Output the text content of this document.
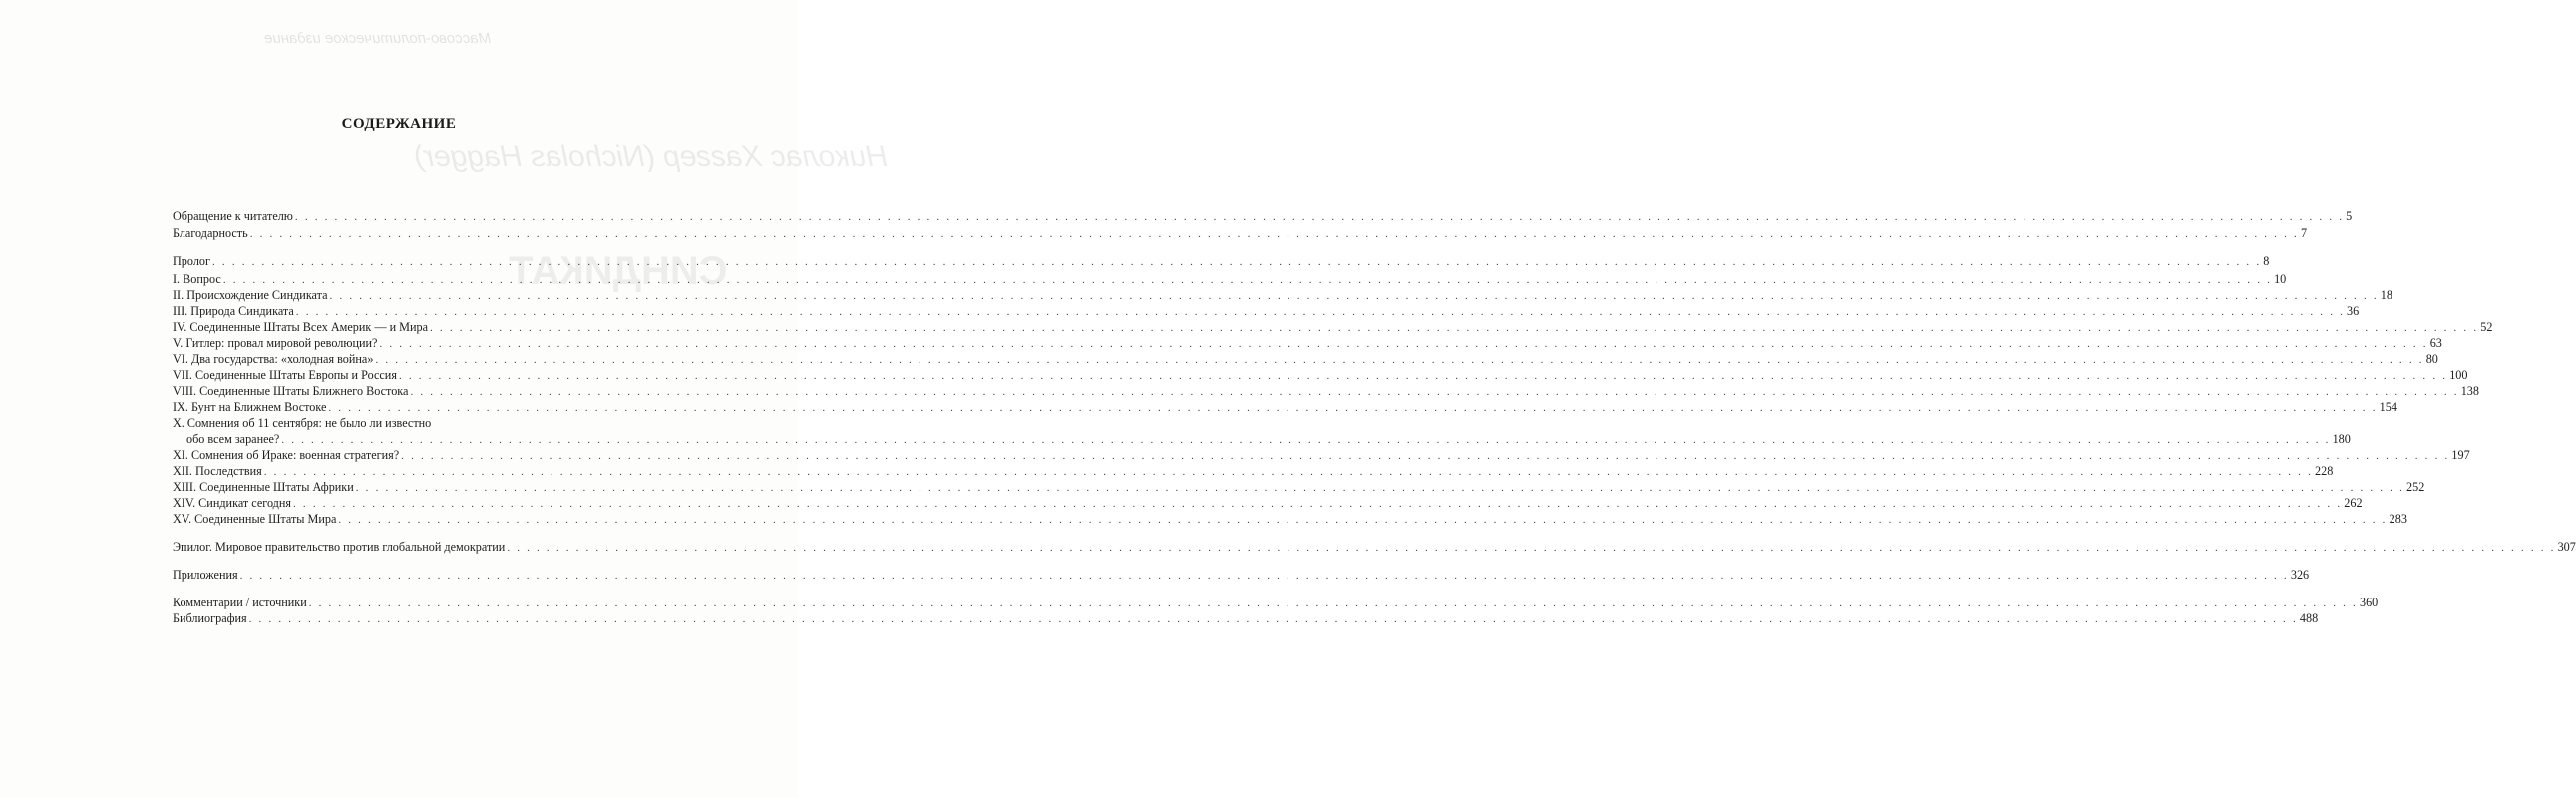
Массово-политическое издание
Николас Хаггер (Nicholas Hagger)
СИНДИКАТ
СОДЕРЖАНИЕ
Обращение к читателю . . .	5
Благодарность . . .	7
Пролог . . .	8
I. Вопрос . . .	10
II. Происхождение Синдиката . . .	18
III. Природа Синдиката . . .	36
IV. Соединенные Штаты Всех Америк — и Мира . . .	52
V. Гитлер: провал мировой революции? . . .	63
VI. Два государства: «холодная война» . . .	80
VII. Соединенные Штаты Европы и Россия . . .	100
VIII. Соединенные Штаты Ближнего Востока . . .	138
IX. Бунт на Ближнем Востоке . . .	154
X. Сомнения об 11 сентября: не было ли известно
обо всем заранее? . . .	180
XI. Сомнения об Ираке: военная стратегия? . . .	197
XII. Последствия . . .	228
XIII. Соединенные Штаты Африки . . .	252
XIV. Синдикат сегодня . . .	262
XV. Соединенные Штаты Мира . . .	283
Эпилог. Мировое правительство против глобальной демократии . . .	307
Приложения . . .	326
Комментарии / источники . . .	360
Библиография . . .	488
